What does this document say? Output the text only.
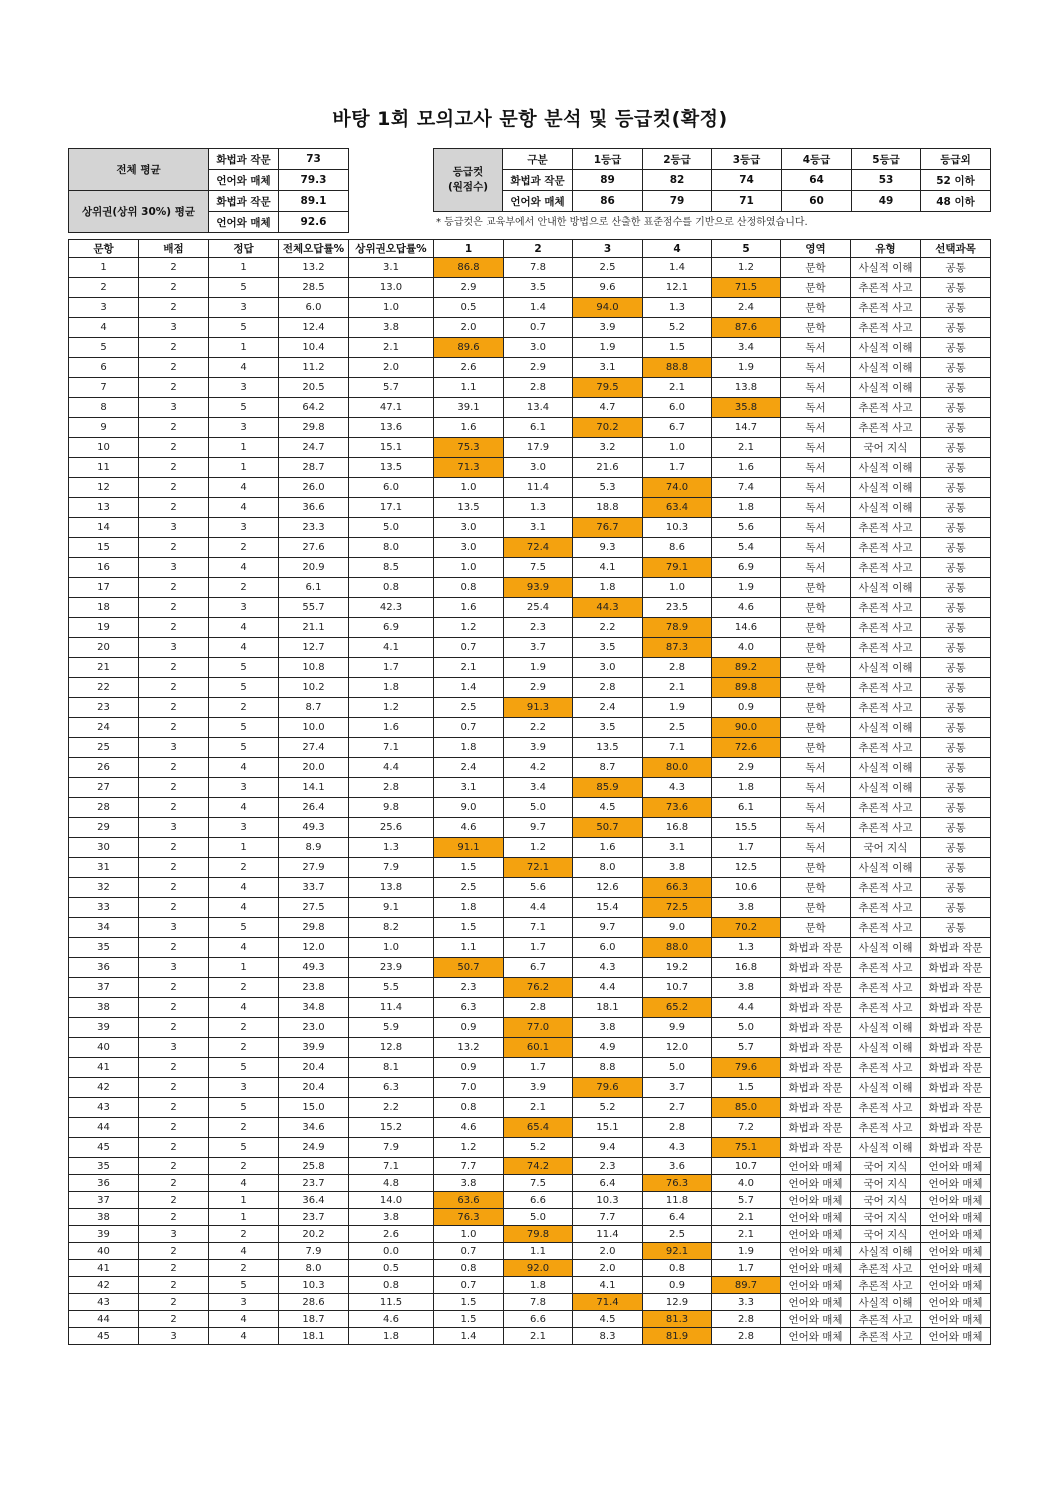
바탕 1회 모의고사 문항 분석 및 등급컷(확정)
전체 평균	화법과 작문	73
	언어와 매체	79.3
상위권(상위 30%) 평균	화법과 작문	89.1
	언어와 매체	92.6
등급컷
(원점수)	구분	1등급	2등급	3등급	4등급	5등급	등급외
	화법과 작문	89	82	74	64	53	52 이하
	언어와 매체	86	79	71	60	49	48 이하
* 등급컷은 교육부에서 안내한 방법으로 산출한 표준점수를 기반으로 산정하였습니다.
문항	배점	정답	전체오답률%	상위권오답률%	1	2	3	4	5	영역	유형	선택과목
1	2	1	13.2	3.1	86.8	7.8	2.5	1.4	1.2	문학	사실적 이해	공통
2	2	5	28.5	13.0	2.9	3.5	9.6	12.1	71.5	문학	추론적 사고	공통
3	2	3	6.0	1.0	0.5	1.4	94.0	1.3	2.4	문학	추론적 사고	공통
4	3	5	12.4	3.8	2.0	0.7	3.9	5.2	87.6	문학	추론적 사고	공통
5	2	1	10.4	2.1	89.6	3.0	1.9	1.5	3.4	독서	사실적 이해	공통
6	2	4	11.2	2.0	2.6	2.9	3.1	88.8	1.9	독서	사실적 이해	공통
7	2	3	20.5	5.7	1.1	2.8	79.5	2.1	13.8	독서	사실적 이해	공통
8	3	5	64.2	47.1	39.1	13.4	4.7	6.0	35.8	독서	추론적 사고	공통
9	2	3	29.8	13.6	1.6	6.1	70.2	6.7	14.7	독서	추론적 사고	공통
10	2	1	24.7	15.1	75.3	17.9	3.2	1.0	2.1	독서	국어 지식	공통
11	2	1	28.7	13.5	71.3	3.0	21.6	1.7	1.6	독서	사실적 이해	공통
12	2	4	26.0	6.0	1.0	11.4	5.3	74.0	7.4	독서	사실적 이해	공통
13	2	4	36.6	17.1	13.5	1.3	18.8	63.4	1.8	독서	사실적 이해	공통
14	3	3	23.3	5.0	3.0	3.1	76.7	10.3	5.6	독서	추론적 사고	공통
15	2	2	27.6	8.0	3.0	72.4	9.3	8.6	5.4	독서	추론적 사고	공통
16	3	4	20.9	8.5	1.0	7.5	4.1	79.1	6.9	독서	추론적 사고	공통
17	2	2	6.1	0.8	0.8	93.9	1.8	1.0	1.9	문학	사실적 이해	공통
18	2	3	55.7	42.3	1.6	25.4	44.3	23.5	4.6	문학	추론적 사고	공통
19	2	4	21.1	6.9	1.2	2.3	2.2	78.9	14.6	문학	추론적 사고	공통
20	3	4	12.7	4.1	0.7	3.7	3.5	87.3	4.0	문학	추론적 사고	공통
21	2	5	10.8	1.7	2.1	1.9	3.0	2.8	89.2	문학	사실적 이해	공통
22	2	5	10.2	1.8	1.4	2.9	2.8	2.1	89.8	문학	추론적 사고	공통
23	2	2	8.7	1.2	2.5	91.3	2.4	1.9	0.9	문학	추론적 사고	공통
24	2	5	10.0	1.6	0.7	2.2	3.5	2.5	90.0	문학	사실적 이해	공통
25	3	5	27.4	7.1	1.8	3.9	13.5	7.1	72.6	문학	추론적 사고	공통
26	2	4	20.0	4.4	2.4	4.2	8.7	80.0	2.9	독서	사실적 이해	공통
27	2	3	14.1	2.8	3.1	3.4	85.9	4.3	1.8	독서	사실적 이해	공통
28	2	4	26.4	9.8	9.0	5.0	4.5	73.6	6.1	독서	추론적 사고	공통
29	3	3	49.3	25.6	4.6	9.7	50.7	16.8	15.5	독서	추론적 사고	공통
30	2	1	8.9	1.3	91.1	1.2	1.6	3.1	1.7	독서	국어 지식	공통
31	2	2	27.9	7.9	1.5	72.1	8.0	3.8	12.5	문학	사실적 이해	공통
32	2	4	33.7	13.8	2.5	5.6	12.6	66.3	10.6	문학	추론적 사고	공통
33	2	4	27.5	9.1	1.8	4.4	15.4	72.5	3.8	문학	추론적 사고	공통
34	3	5	29.8	8.2	1.5	7.1	9.7	9.0	70.2	문학	추론적 사고	공통
35	2	4	12.0	1.0	1.1	1.7	6.0	88.0	1.3	화법과 작문	사실적 이해	화법과 작문
36	3	1	49.3	23.9	50.7	6.7	4.3	19.2	16.8	화법과 작문	추론적 사고	화법과 작문
37	2	2	23.8	5.5	2.3	76.2	4.4	10.7	3.8	화법과 작문	추론적 사고	화법과 작문
38	2	4	34.8	11.4	6.3	2.8	18.1	65.2	4.4	화법과 작문	추론적 사고	화법과 작문
39	2	2	23.0	5.9	0.9	77.0	3.8	9.9	5.0	화법과 작문	사실적 이해	화법과 작문
40	3	2	39.9	12.8	13.2	60.1	4.9	12.0	5.7	화법과 작문	사실적 이해	화법과 작문
41	2	5	20.4	8.1	0.9	1.7	8.8	5.0	79.6	화법과 작문	추론적 사고	화법과 작문
42	2	3	20.4	6.3	7.0	3.9	79.6	3.7	1.5	화법과 작문	사실적 이해	화법과 작문
43	2	5	15.0	2.2	0.8	2.1	5.2	2.7	85.0	화법과 작문	추론적 사고	화법과 작문
44	2	2	34.6	15.2	4.6	65.4	15.1	2.8	7.2	화법과 작문	추론적 사고	화법과 작문
45	2	5	24.9	7.9	1.2	5.2	9.4	4.3	75.1	화법과 작문	사실적 이해	화법과 작문
35	2	2	25.8	7.1	7.7	74.2	2.3	3.6	10.7	언어와 매체	국어 지식	언어와 매체
36	2	4	23.7	4.8	3.8	7.5	6.4	76.3	4.0	언어와 매체	국어 지식	언어와 매체
37	2	1	36.4	14.0	63.6	6.6	10.3	11.8	5.7	언어와 매체	국어 지식	언어와 매체
38	2	1	23.7	3.8	76.3	5.0	7.7	6.4	2.1	언어와 매체	국어 지식	언어와 매체
39	3	2	20.2	2.6	1.0	79.8	11.4	2.5	2.1	언어와 매체	국어 지식	언어와 매체
40	2	4	7.9	0.0	0.7	1.1	2.0	92.1	1.9	언어와 매체	사실적 이해	언어와 매체
41	2	2	8.0	0.5	0.8	92.0	2.0	0.8	1.7	언어와 매체	추론적 사고	언어와 매체
42	2	5	10.3	0.8	0.7	1.8	4.1	0.9	89.7	언어와 매체	추론적 사고	언어와 매체
43	2	3	28.6	11.5	1.5	7.8	71.4	12.9	3.3	언어와 매체	사실적 이해	언어와 매체
44	2	4	18.7	4.6	1.5	6.6	4.5	81.3	2.8	언어와 매체	추론적 사고	언어와 매체
45	3	4	18.1	1.8	1.4	2.1	8.3	81.9	2.8	언어와 매체	추론적 사고	언어와 매체
